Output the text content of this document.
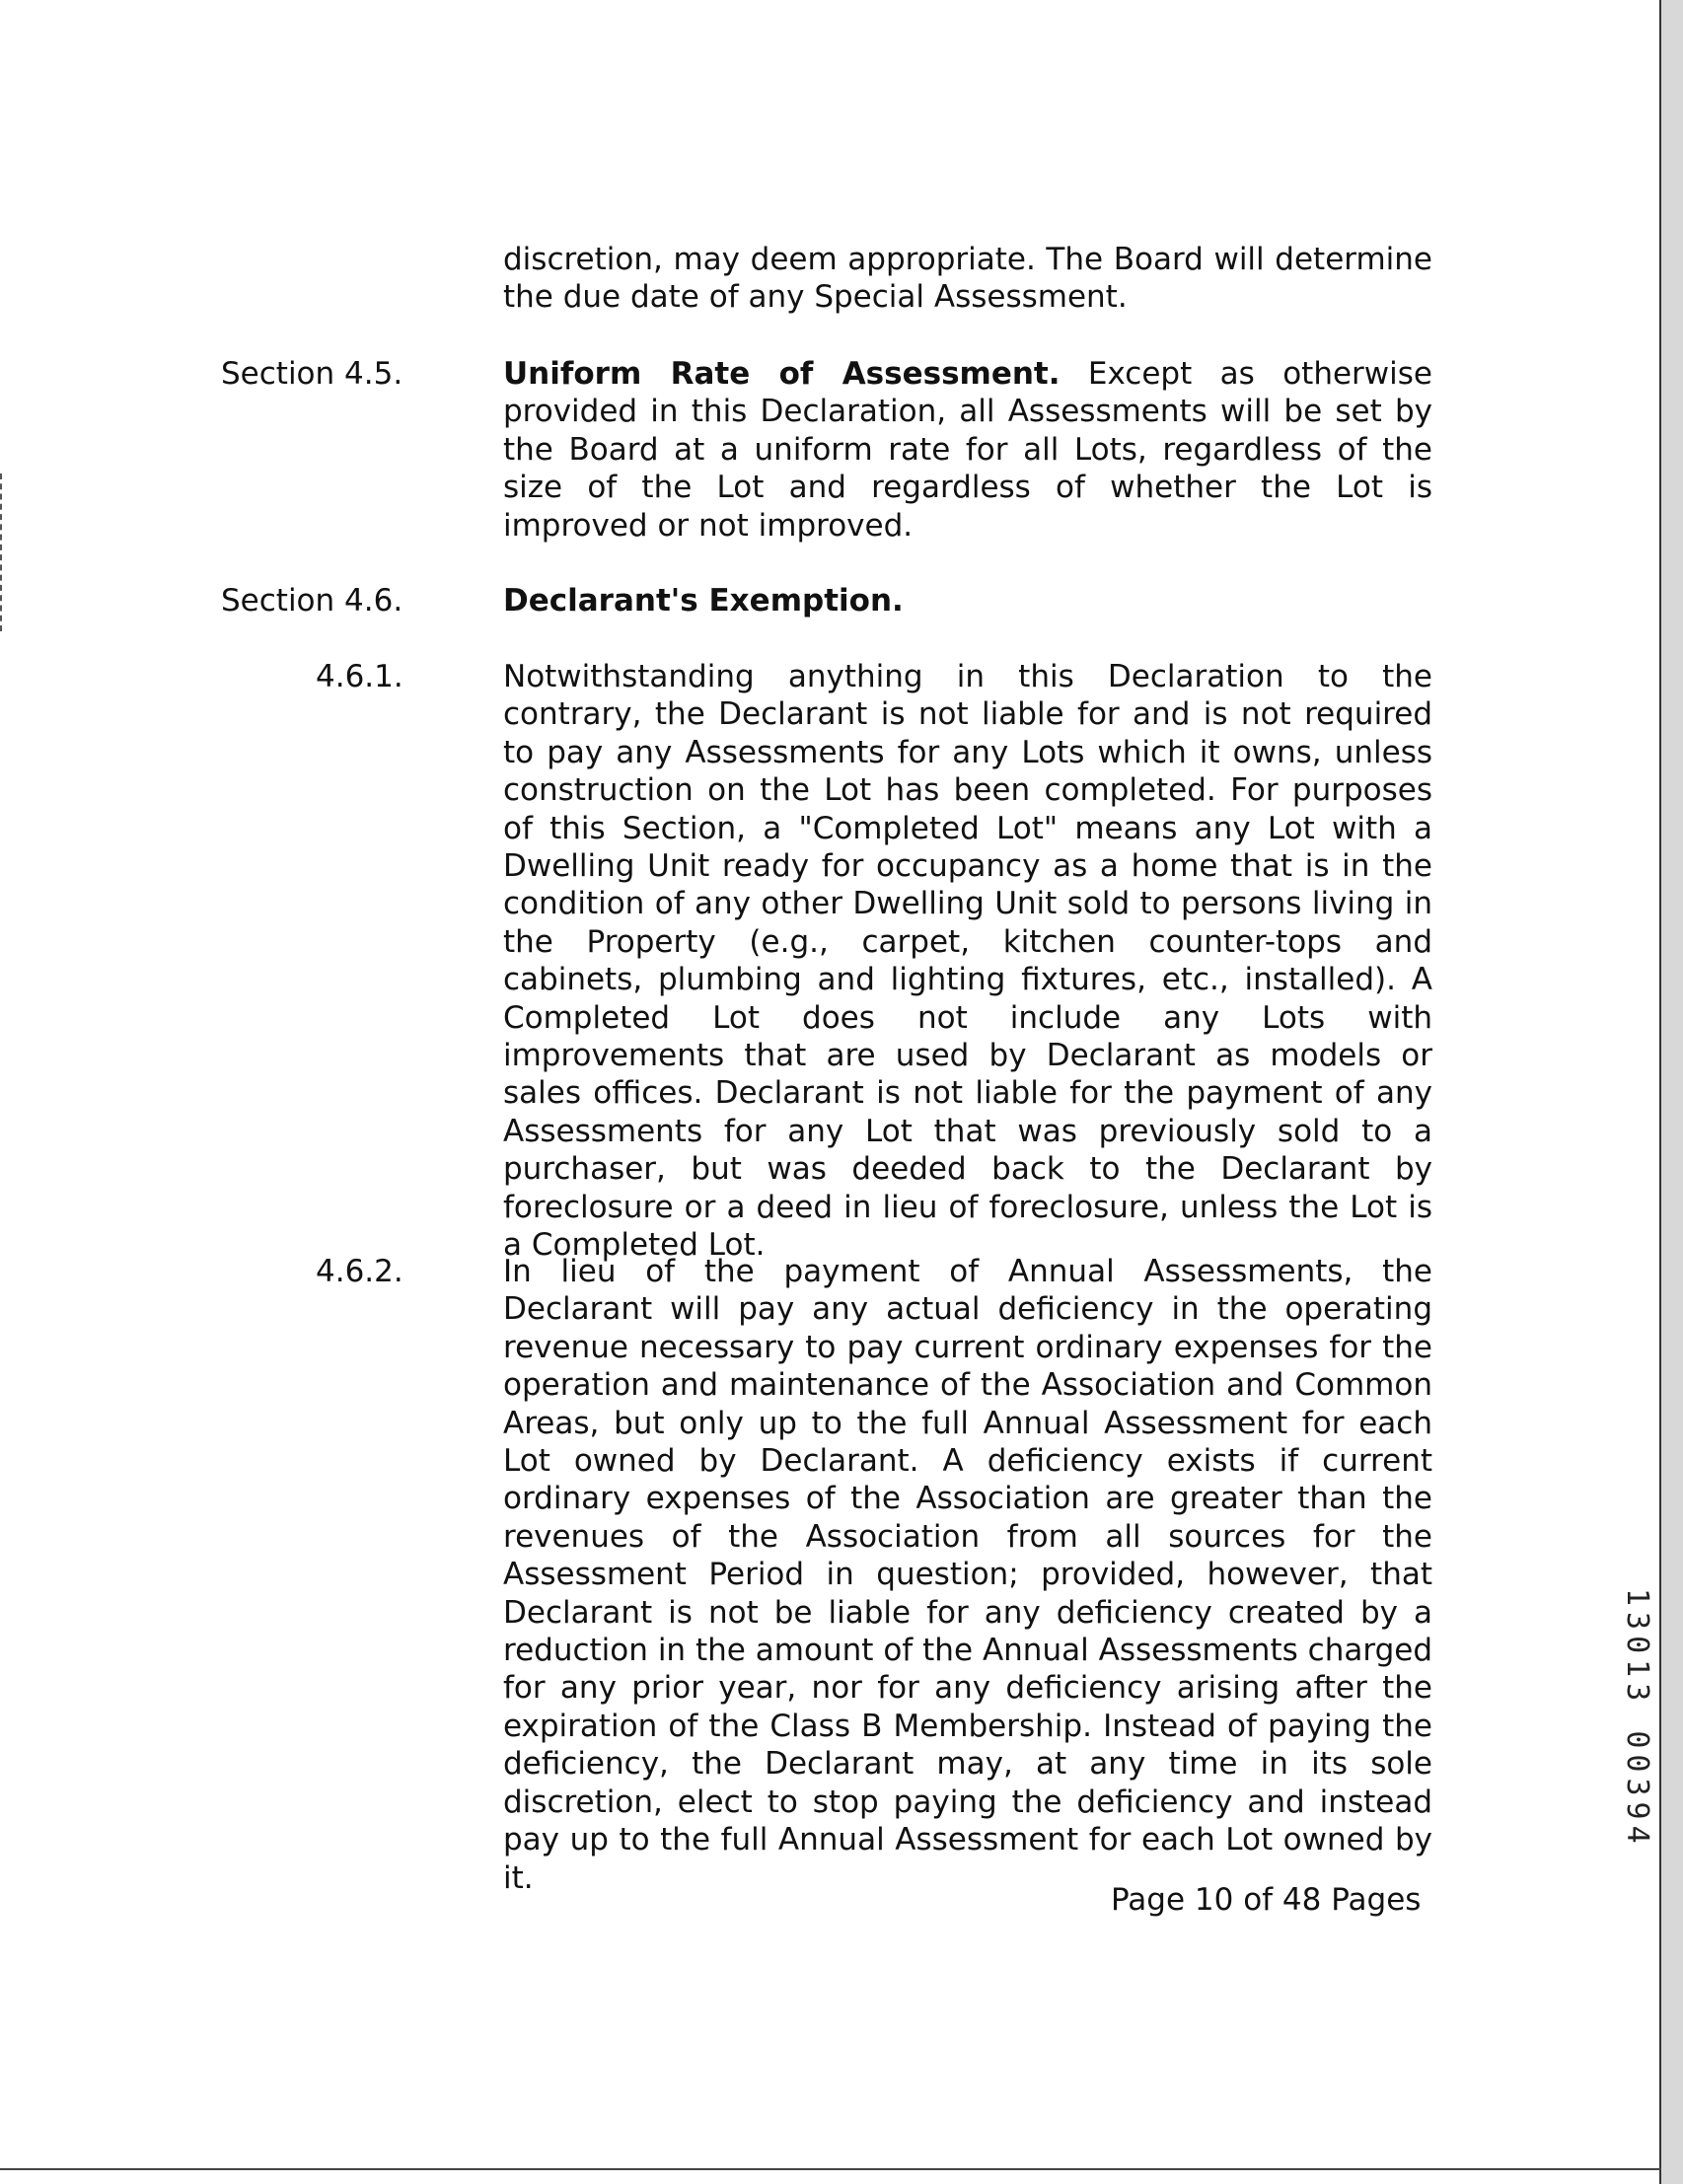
discretion, may deem appropriate. The Board will determine the due date of any Special Assessment.

Section 4.5.	Uniform Rate of Assessment. Except as otherwise provided in this Declaration, all Assessments will be set by the Board at a uniform rate for all Lots, regardless of the size of the Lot and regardless of whether the Lot is improved or not improved.

Section 4.6.	Declarant's Exemption.

4.6.1.	Notwithstanding anything in this Declaration to the contrary, the Declarant is not liable for and is not required to pay any Assessments for any Lots which it owns, unless construction on the Lot has been completed. For purposes of this Section, a "Completed Lot" means any Lot with a Dwelling Unit ready for occupancy as a home that is in the condition of any other Dwelling Unit sold to persons living in the Property (e.g., carpet, kitchen counter-tops and cabinets, plumbing and lighting fixtures, etc., installed). A Completed Lot does not include any Lots with improvements that are used by Declarant as models or sales offices. Declarant is not liable for the payment of any Assessments for any Lot that was previously sold to a purchaser, but was deeded back to the Declarant by foreclosure or a deed in lieu of foreclosure, unless the Lot is a Completed Lot.

4.6.2.	In lieu of the payment of Annual Assessments, the Declarant will pay any actual deficiency in the operating revenue necessary to pay current ordinary expenses for the operation and maintenance of the Association and Common Areas, but only up to the full Annual Assessment for each Lot owned by Declarant. A deficiency exists if current ordinary expenses of the Association are greater than the revenues of the Association from all sources for the Assessment Period in question; provided, however, that Declarant is not be liable for any deficiency created by a reduction in the amount of the Annual Assessments charged for any prior year, nor for any deficiency arising after the expiration of the Class B Membership. Instead of paying the deficiency, the Declarant may, at any time in its sole discretion, elect to stop paying the deficiency and instead pay up to the full Annual Assessment for each Lot owned by it.

Page 10 of 48 Pages

13013 00394
